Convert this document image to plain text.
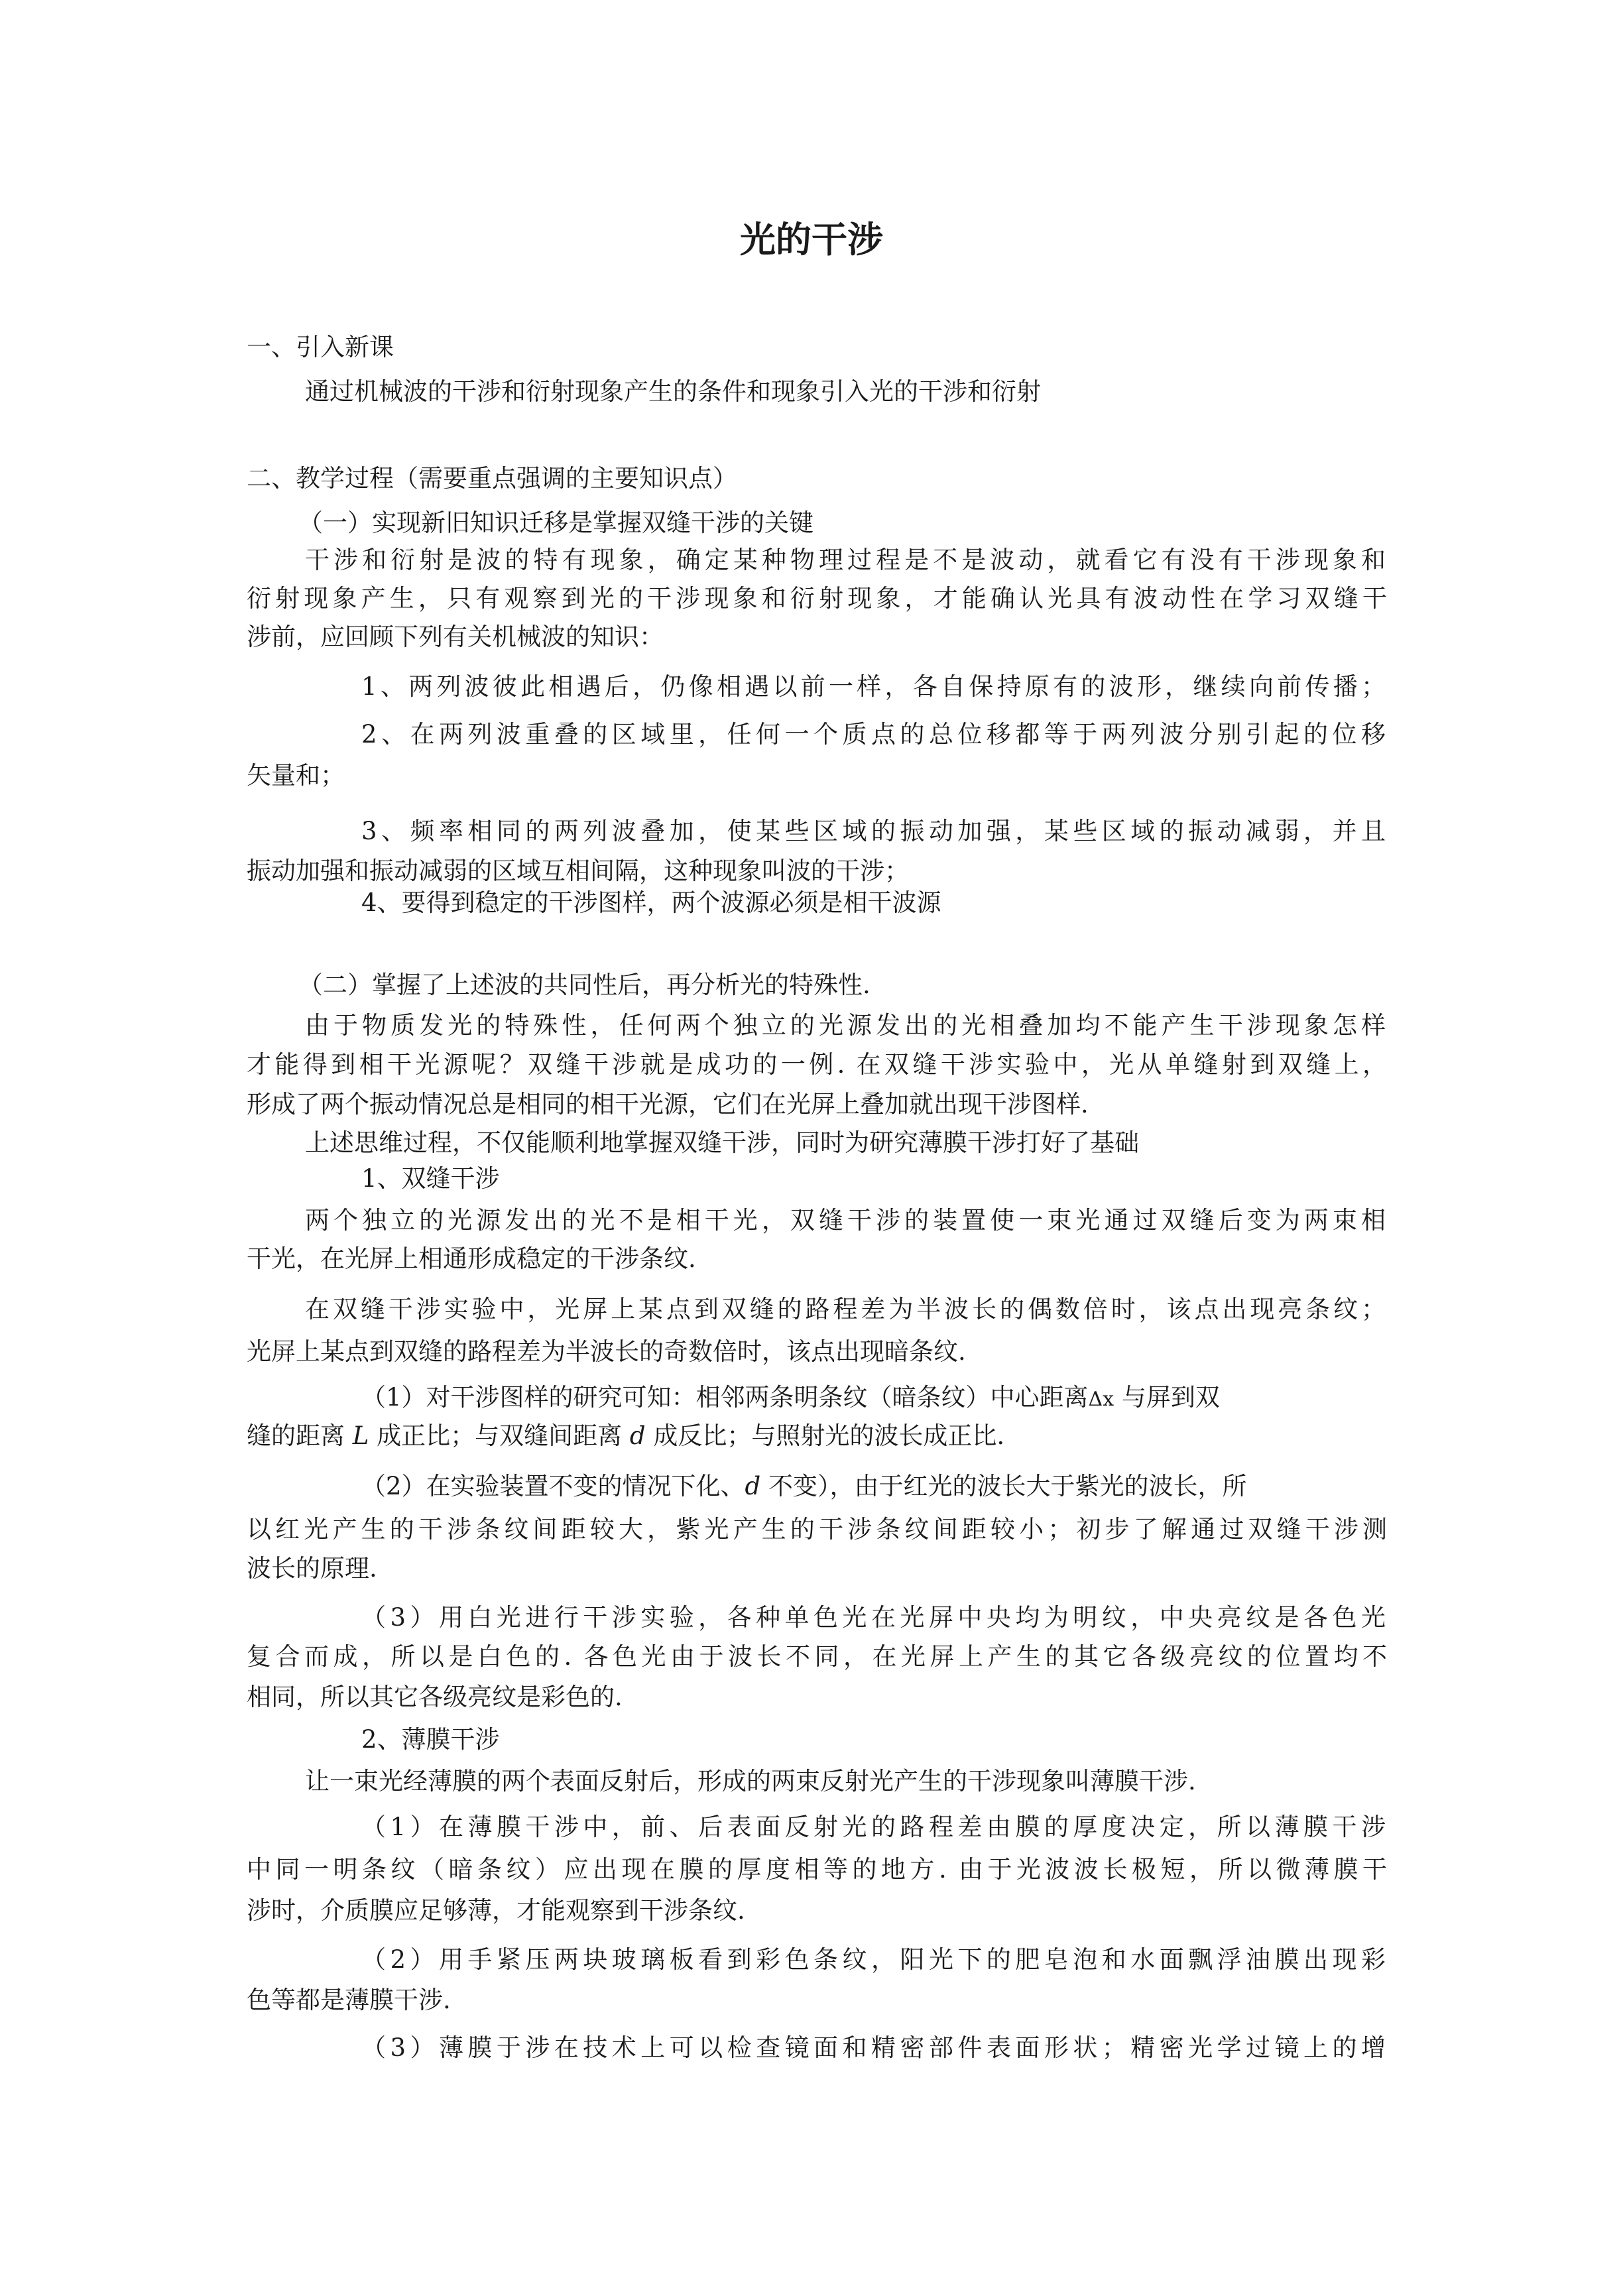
光的干涉

一、引入新课

通过机械波的干涉和衍射现象产生的条件和现象引入光的干涉和衍射

二、教学过程（需要重点强调的主要知识点）

（一）实现新旧知识迁移是掌握双缝干涉的关键

干涉和衍射是波的特有现象，确定某种物理过程是不是波动，就看它有没有干涉现象和

衍射现象产生，只有观察到光的干涉现象和衍射现象，才能确认光具有波动性在学习双缝干

涉前，应回顾下列有关机械波的知识：

1、两列波彼此相遇后，仍像相遇以前一样，各自保持原有的波形，继续向前传播；

2、在两列波重叠的区域里，任何一个质点的总位移都等于两列波分别引起的位移

矢量和；

3、频率相同的两列波叠加，使某些区域的振动加强，某些区域的振动减弱，并且

振动加强和振动减弱的区域互相间隔，这种现象叫波的干涉；

4、要得到稳定的干涉图样，两个波源必须是相干波源

（二）掌握了上述波的共同性后，再分析光的特殊性.

由于物质发光的特殊性，任何两个独立的光源发出的光相叠加均不能产生干涉现象怎样

才能得到相干光源呢？双缝干涉就是成功的一例. 在双缝干涉实验中，光从单缝射到双缝上，

形成了两个振动情况总是相同的相干光源，它们在光屏上叠加就出现干涉图样.

上述思维过程，不仅能顺利地掌握双缝干涉，同时为研究薄膜干涉打好了基础

1、双缝干涉

两个独立的光源发出的光不是相干光，双缝干涉的装置使一束光通过双缝后变为两束相

干光，在光屏上相通形成稳定的干涉条纹.

在双缝干涉实验中，光屏上某点到双缝的路程差为半波长的偶数倍时，该点出现亮条纹；

光屏上某点到双缝的路程差为半波长的奇数倍时，该点出现暗条纹.

（1）对干涉图样的研究可知：相邻两条明条纹（暗条纹）中心距离Δx 与屏到双

缝的距离 L 成正比；与双缝间距离 d 成反比；与照射光的波长成正比.

（2）在实验装置不变的情况下化、d 不变），由于红光的波长大于紫光的波长，所

以红光产生的干涉条纹间距较大，紫光产生的干涉条纹间距较小；初步了解通过双缝干涉测

波长的原理.

（3）用白光进行干涉实验，各种单色光在光屏中央均为明纹，中央亮纹是各色光

复合而成，所以是白色的. 各色光由于波长不同，在光屏上产生的其它各级亮纹的位置均不

相同，所以其它各级亮纹是彩色的.

2、薄膜干涉

让一束光经薄膜的两个表面反射后，形成的两束反射光产生的干涉现象叫薄膜干涉.

（1）在薄膜干涉中，前、后表面反射光的路程差由膜的厚度决定，所以薄膜干涉

中同一明条纹（暗条纹）应出现在膜的厚度相等的地方. 由于光波波长极短，所以微薄膜干

涉时，介质膜应足够薄，才能观察到干涉条纹.

（2）用手紧压两块玻璃板看到彩色条纹，阳光下的肥皂泡和水面飘浮油膜出现彩

色等都是薄膜干涉.

（3）薄膜于涉在技术上可以检查镜面和精密部件表面形状；精密光学过镜上的增
